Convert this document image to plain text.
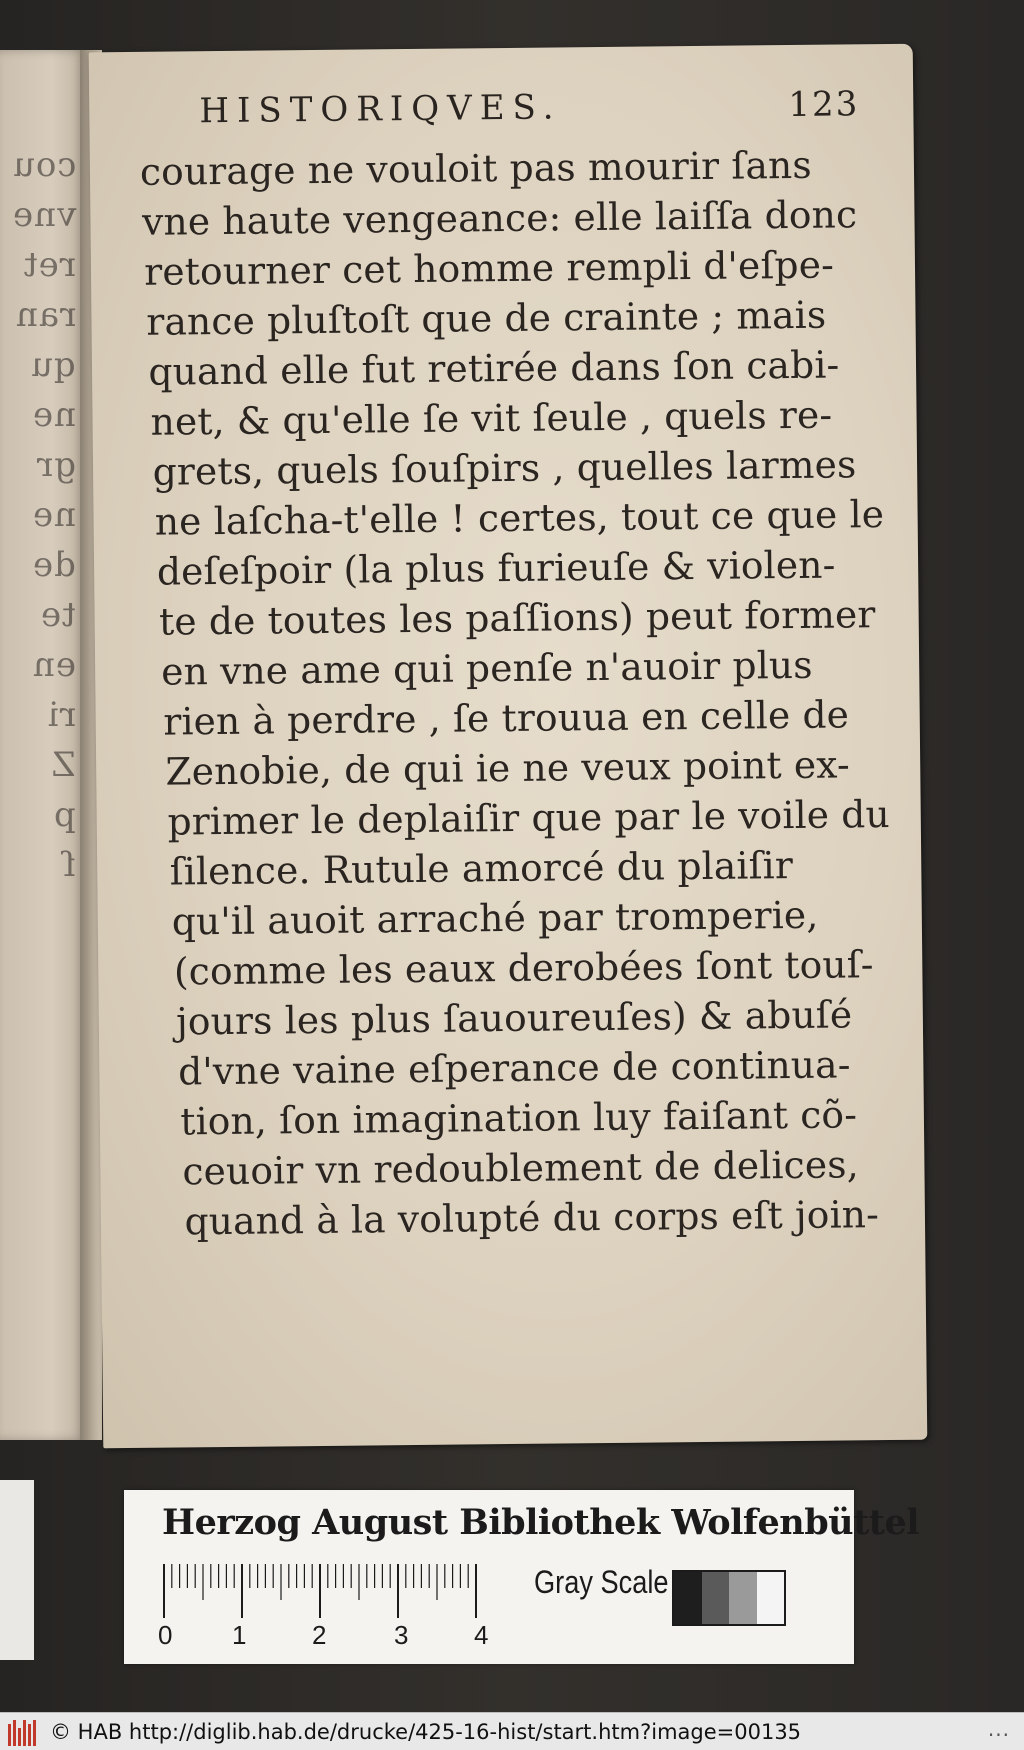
cou
vne
ret
ran
qu
ne
gr
ne
de
te
en
ri
Z
p
ſ
HISTORIQVES.	123
courage ne vouloit pas mourir ſans
vne haute vengeance: elle laiſſa donc
retourner cet homme rempli d'eſpe-
rance pluſtoſt que de crainte ; mais
quand elle fut retirée dans ſon cabi-
net, & qu'elle ſe vit ſeule , quels re-
grets, quels ſouſpirs , quelles larmes
ne laſcha-t'elle ! certes, tout ce que le
deſeſpoir (la plus furieuſe & violen-
te de toutes les paſſions) peut former
en vne ame qui penſe n'auoir plus
rien à perdre , ſe trouua en celle de
Zenobie, de qui ie ne veux point ex-
primer le deplaiſir que par le voile du
ſilence. Rutule amorcé du plaiſir
qu'il auoit arraché par tromperie,
(comme les eaux derobées ſont touſ-
jours les plus ſauoureuſes) & abuſé
d'vne vaine eſperance de continua-
tion, ſon imagination luy faiſant cõ-
ceuoir vn redoublement de delices,
quand à la volupté du corps eſt join-
Herzog August Bibliothek Wolfenbüttel
0 1	2	3	4
Gray Scale
© HAB http://diglib.hab.de/drucke/425-16-hist/start.htm?image=00135	...
